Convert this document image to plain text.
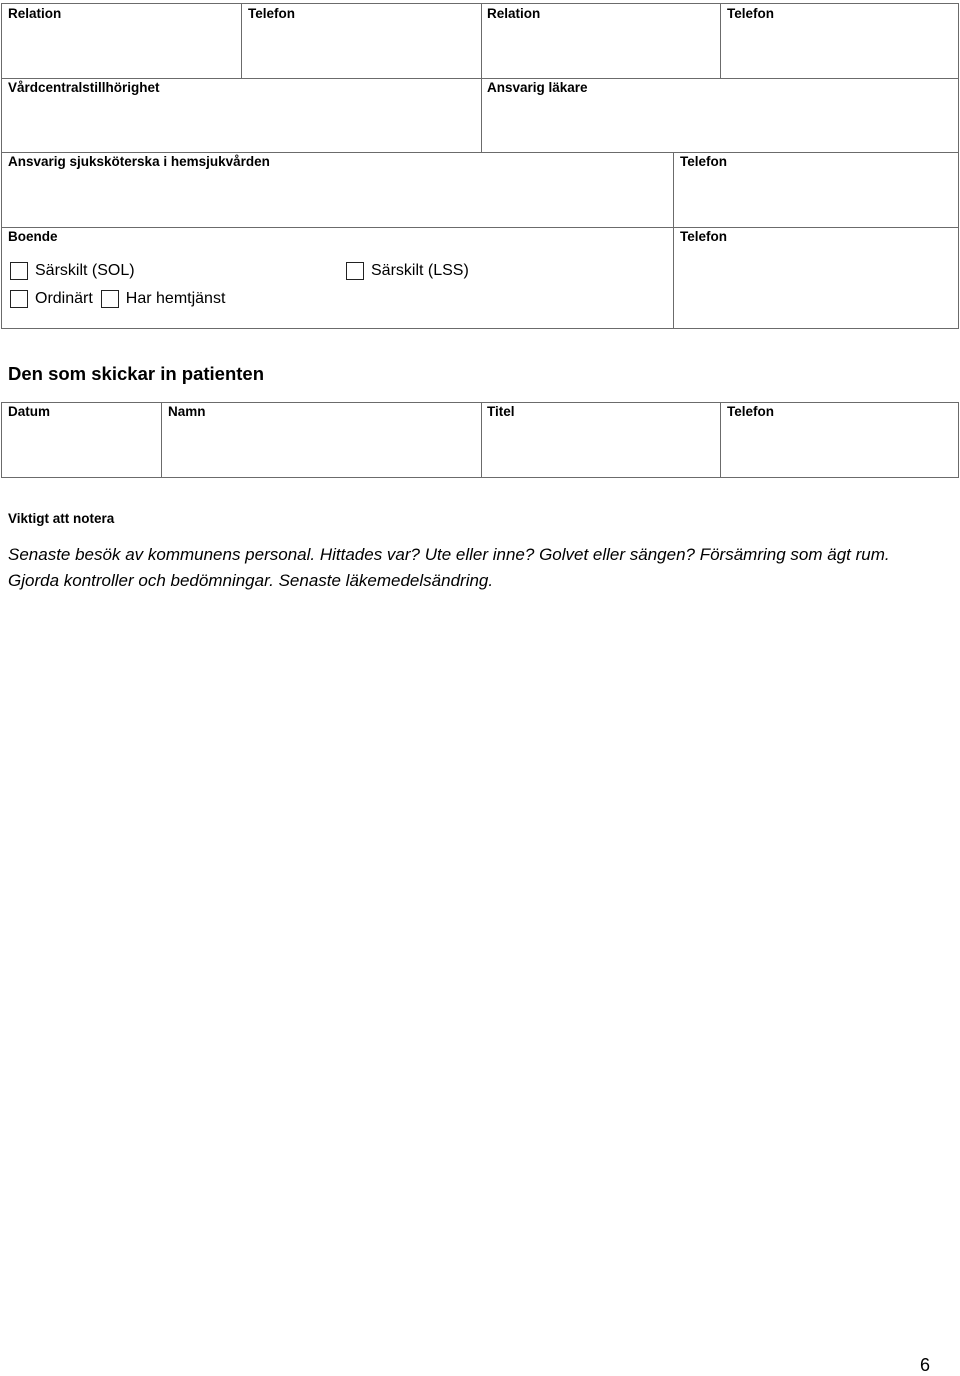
Relation	Telefon	Relation	Telefon
Vårdcentralstillhörighet	Ansvarig läkare
Ansvarig sjuksköterska i hemsjukvården	Telefon
Boende	Telefon
Särskilt (SOL)	Särskilt (LSS)
Ordinärt Har hemtjänst
Den som skickar in patienten
Datum	Namn	Titel	Telefon
Viktigt att notera
Senaste besök av kommunens personal. Hittades var? Ute eller inne? Golvet eller sängen? Försämring som ägt rum.
Gjorda kontroller och bedömningar. Senaste läkemedelsändring.
6
